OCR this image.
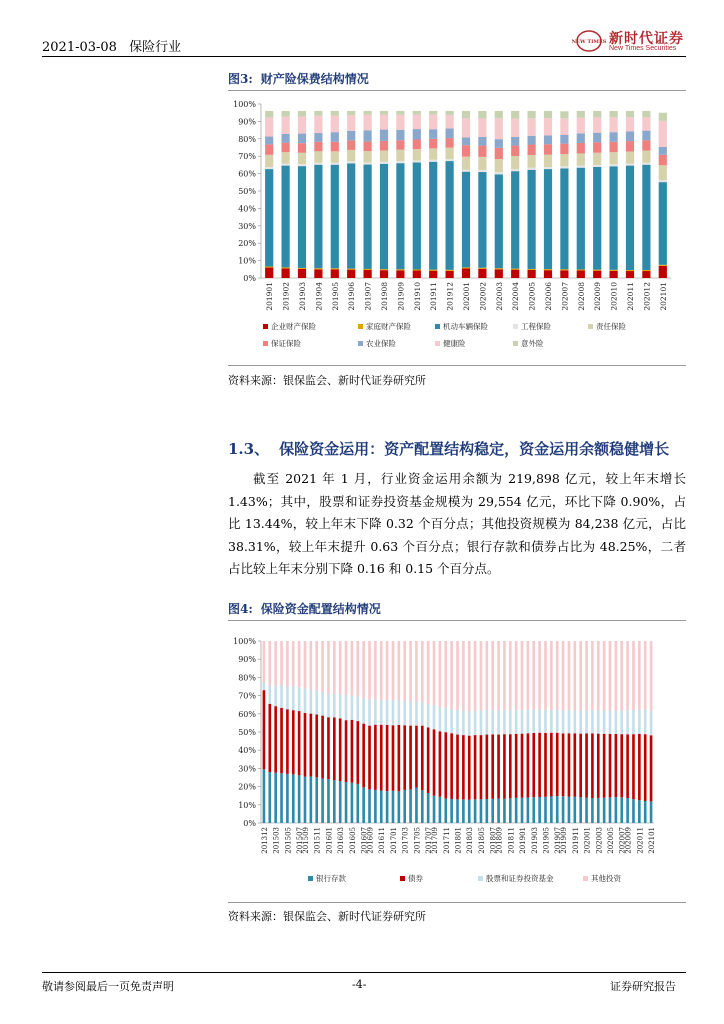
2021-03-08 保险行业	NEW TIMES 新时代证券
New Times Securities
图3: 财产险保费结构情况
0%
10%
20%
30%
40%
50%
60%
70%
80%
90%
100%
201901 201902 201903 201904 201905 201906 201907 201908 201909 201910 201911 201912 202001 202002 202003 202004 202005 202006 202007 202008 202009 202010 202011 202012 202101
企业财产保险	家庭财产保险	机动车辆保险	工程保险	责任保险
保证保险	农业保险	健康险	意外险
资料来源：银保监会、新时代证券研究所
1.3、 保险资金运用：资产配置结构稳定，资金运用余额稳健增长

截至 2021 年 1 月，行业资金运用余额为 219,898 亿元，较上年末增长 1.43%；其中，股票和证券投资基金规模为 29,554 亿元，环比下降 0.90%，占比 13.44%，较上年末下降 0.32 个百分点；其他投资规模为 84,238 亿元，占比 38.31%，较上年末提升 0.63 个百分点；银行存款和债券占比为 48.25%，二者占比较上年末分别下降 0.16 和 0.15 个百分点。

图4: 保险资金配置结构情况
0%
10%
20%
30%
40%
50%
60%
70%
80%
90%
100%
201312 201503 201505 201507
201509 201511 201601 201603 201605 201607
201609 201611 201701 201703 201705 201707
201709 201711 201801 201803 201805 201807
201809 201811 201901 201903 201905 201907
201909 201911 202001 202003 202005 202007
202009 202011 202101
银行存款	债券	股票和证券投资基金	其他投资
资料来源：银保监会、新时代证券研究所
敬请参阅最后一页免责声明	-4-	证券研究报告
